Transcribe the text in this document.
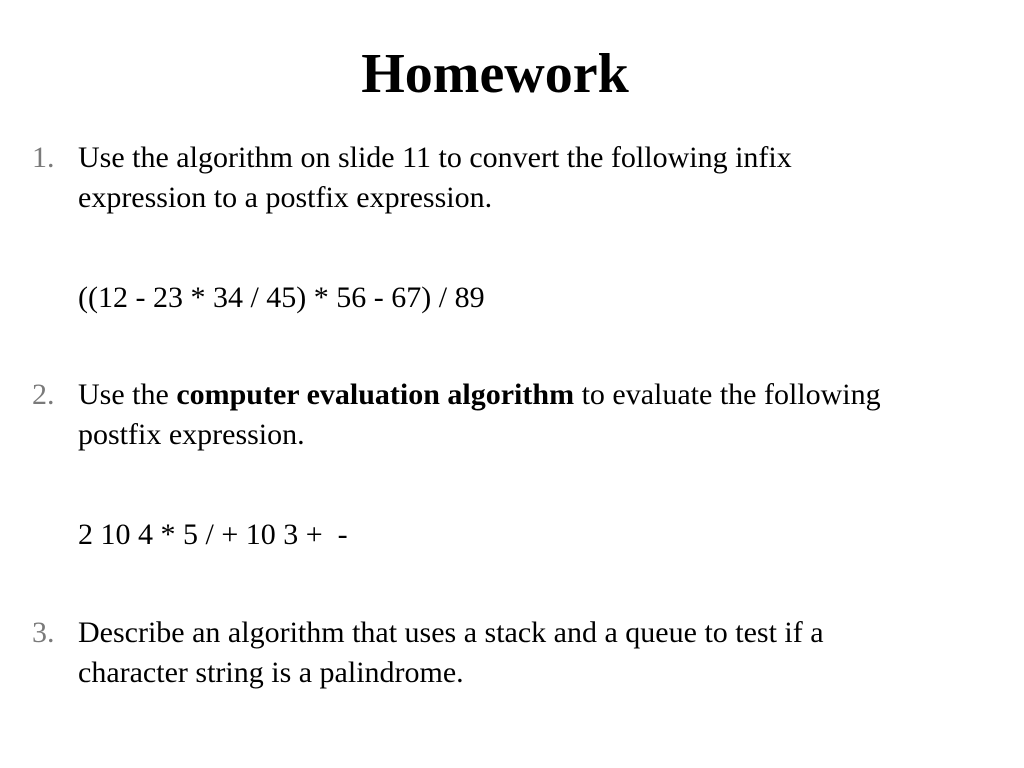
Homework
1. Use the algorithm on slide 11 to convert the following infix
expression to a postfix expression.
((12 - 23 * 34 / 45) * 56 - 67) / 89
2. Use the computer evaluation algorithm to evaluate the following
postfix expression.
2 10 4 * 5 / + 10 3 +  -
3. Describe an algorithm that uses a stack and a queue to test if a
character string is a palindrome.
